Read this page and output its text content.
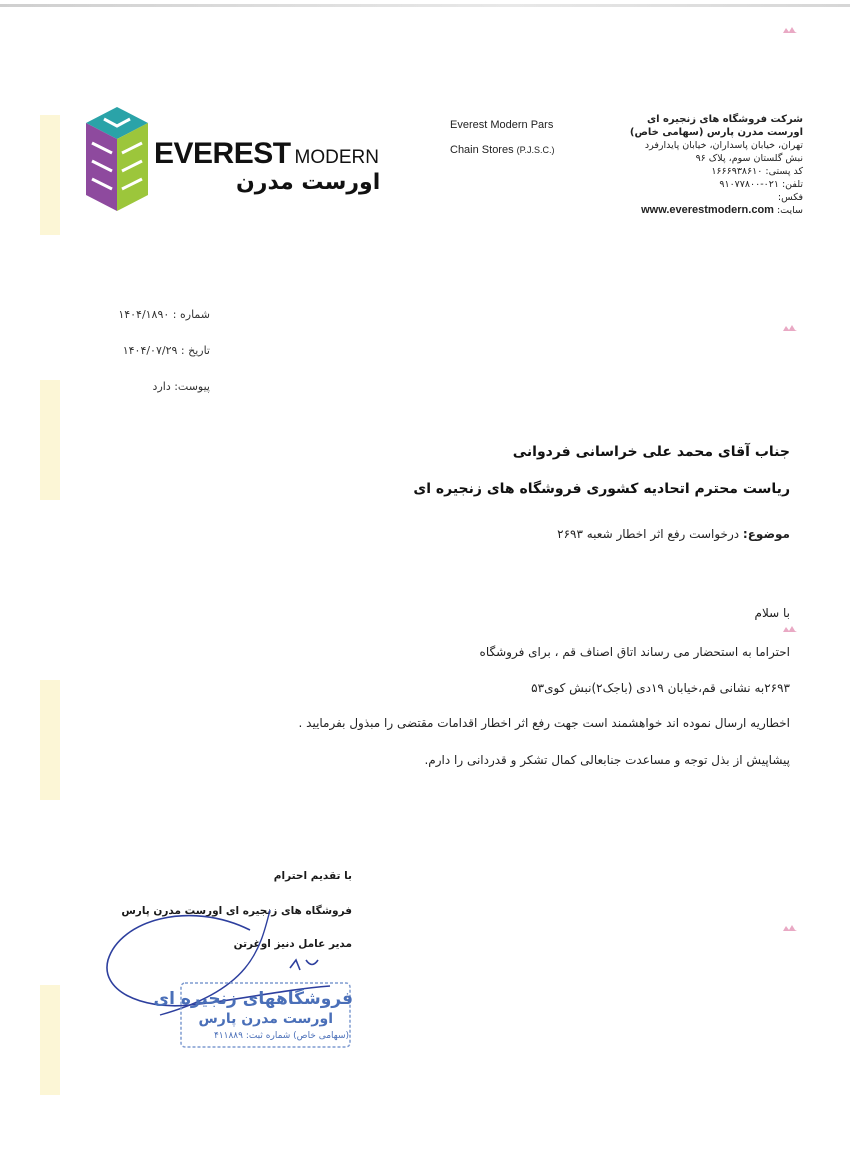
EVEREST MODERN
اورست مدرن
Everest Modern Pars
Chain Stores (P.J.S.C.)
شرکت فروشگاه های زنجیره ای
اورست مدرن پارس (سهامی خاص)
تهران، خیابان پاسداران، خیابان پایدارفرد
نبش گلستان سوم، پلاک ۹۶
کد پستی: ۱۶۶۶۹۳۸۶۱۰
تلفن: ۰۲۱-۹۱۰۷۷۸۰۰
فکس:
سایت: www.everestmodern.com
شماره : ۱۴۰۴/۱۸۹۰
تاریخ : ۱۴۰۴/۰۷/۲۹
پیوست: دارد
جناب آقای محمد علی خراسانی فردوانی
ریاست محترم اتحادیه کشوری فروشگاه های زنجیره ای
موضوع: درخواست رفع اثر اخطار شعبه ۲۶۹۳
با سلام
احتراما به استحضار می رساند اتاق اصناف قم ، برای فروشگاه
۲۶۹۳به نشانی قم،خیابان ۱۹دی (باجک۲)نبش کوی۵۳
اخطاریه ارسال نموده اند خواهشمند است جهت رفع اثر اخطار اقدامات مقتضی را مبذول بفرمایید .
پیشاپیش از بذل توجه و مساعدت جنابعالی کمال تشکر و قدردانی را دارم.
با تقدیم احترام
فروشگاه های زنجیره ای اورست مدرن پارس
مدیر عامل دنیز اوغرتن
فروشگاههای زنجیره ای
اورست مدرن پارس
(سهامی خاص) شماره ثبت: ۴۱۱۸۸۹
